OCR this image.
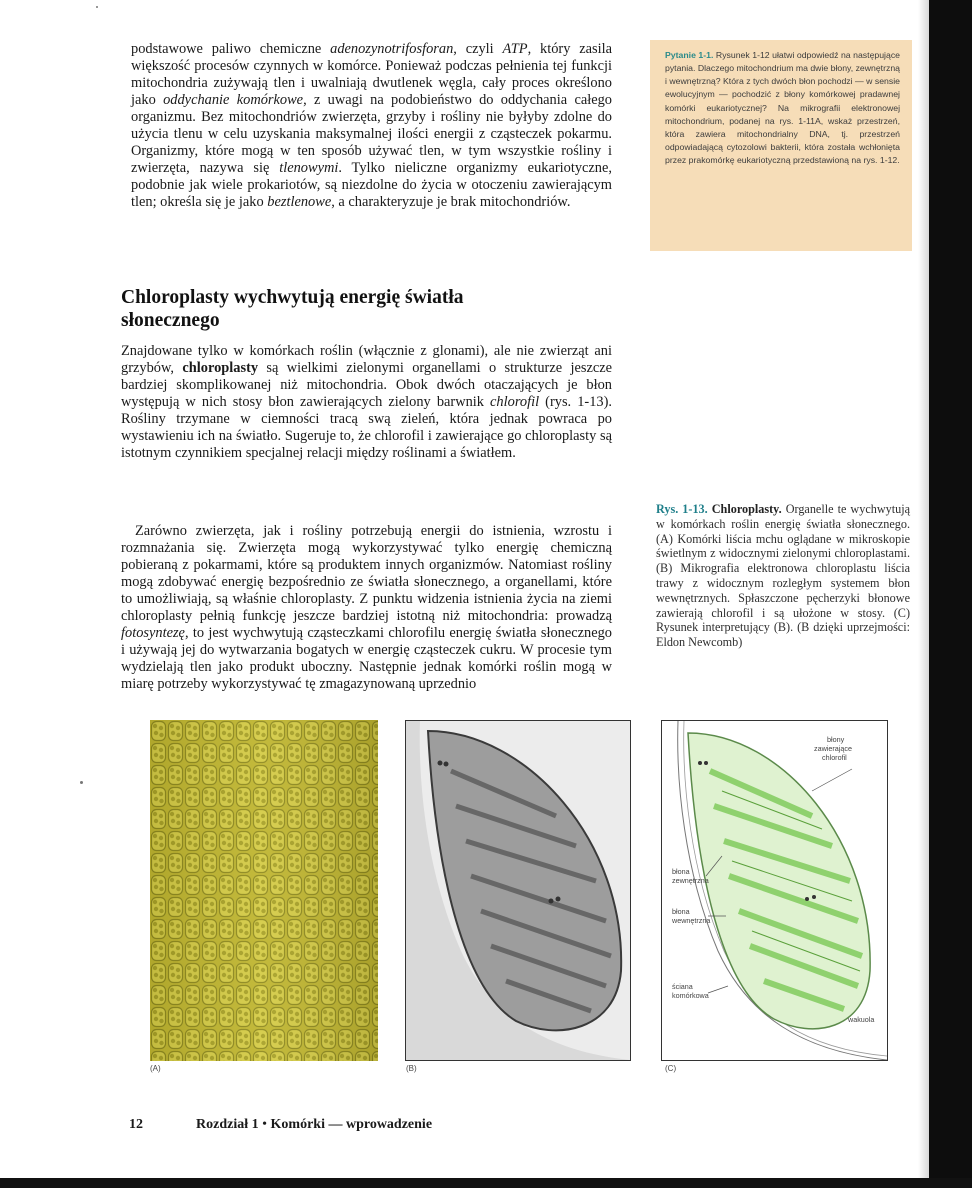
podstawowe paliwo chemiczne adenozynotrifosforan, czyli ATP, który zasila większość procesów czynnych w komórce. Ponieważ podczas pełnienia tej funkcji mitochondria zużywają tlen i uwalniają dwutlenek węgla, cały proces określono jako oddychanie komórkowe, z uwagi na podobieństwo do oddychania całego organizmu. Bez mitochondriów zwierzęta, grzyby i rośliny nie byłyby zdolne do użycia tlenu w celu uzyskania maksymalnej ilości energii z cząsteczek pokarmu. Organizmy, które mogą w ten sposób używać tlen, w tym wszystkie rośliny i zwierzęta, nazywa się tlenowymi. Tylko nieliczne organizmy eukariotyczne, podobnie jak wiele prokariotów, są niezdolne do życia w otoczeniu zawierającym tlen; określa się je jako beztlenowe, a charakteryzuje je brak mitochondriów.

Pytanie 1-1. Rysunek 1-12 ułatwi odpowiedź na następujące pytania. Dlaczego mitochondrium ma dwie błony, zewnętrzną i wewnętrzną? Która z tych dwóch błon pochodzi — w sensie ewolucyjnym — pochodzić z błony komórkowej pradawnej komórki eukariotycznej? Na mikrografii elektronowej mitochondrium, podanej na rys. 1-11A, wskaż przestrzeń, która zawiera mitochondrialny DNA, tj. przestrzeń odpowiadającą cytozolowi bakterii, która została wchłonięta przez prakomórkę eukariotyczną przedstawioną na rys. 1-12.

Chloroplasty wychwytują energię światła słonecznego

Znajdowane tylko w komórkach roślin (włącznie z glonami), ale nie zwierząt ani grzybów, chloroplasty są wielkimi zielonymi organellami o strukturze jeszcze bardziej skomplikowanej niż mitochondria. Obok dwóch otaczających je błon występują w nich stosy błon zawierających zielony barwnik chlorofil (rys. 1-13). Rośliny trzymane w ciemności tracą swą zieleń, która jednak powraca po wystawieniu ich na światło. Sugeruje to, że chlorofil i zawierające go chloroplasty są istotnym czynnikiem specjalnej relacji między roślinami a światłem.

Zarówno zwierzęta, jak i rośliny potrzebują energii do istnienia, wzrostu i rozmnażania się. Zwierzęta mogą wykorzystywać tylko energię chemiczną pobieraną z pokarmami, które są produktem innych organizmów. Natomiast rośliny mogą zdobywać energię bezpośrednio ze światła słonecznego, a organellami, które to umożliwiają, są właśnie chloroplasty. Z punktu widzenia istnienia życia na ziemi chloroplasty pełnią funkcję jeszcze bardziej istotną niż mitochondria: prowadzą fotosyntezę, to jest wychwytują cząsteczkami chlorofilu energię światła słonecznego i używają jej do wytwarzania bogatych w energię cząsteczek cukru. W procesie tym wydzielają tlen jako produkt uboczny. Następnie jednak komórki roślin mogą w miarę potrzeby wykorzystywać tę zmagazynowaną uprzednio

Rys. 1-13. Chloroplasty. Organelle te wychwytują w komórkach roślin energię światła słonecznego. (A) Komórki liścia mchu oglądane w mikroskopie świetlnym z widocznymi zielonymi chloroplastami. (B) Mikrografia elektronowa chloroplastu liścia trawy z widocznym rozległym systemem błon wewnętrznych. Spłaszczone pęcherzyki błonowe zawierają chlorofil i są ułożone w stosy. (C) Rysunek interpretujący (B). (B dzięki uprzejmości: Eldon Newcomb)

błony
zawierające
chlorofil
błona
zewnętrzna
błona
wewnętrzna
ściana
komórkowa
wakuola

(A)	(B)	(C)

12	Rozdział 1 • Komórki — wprowadzenie
